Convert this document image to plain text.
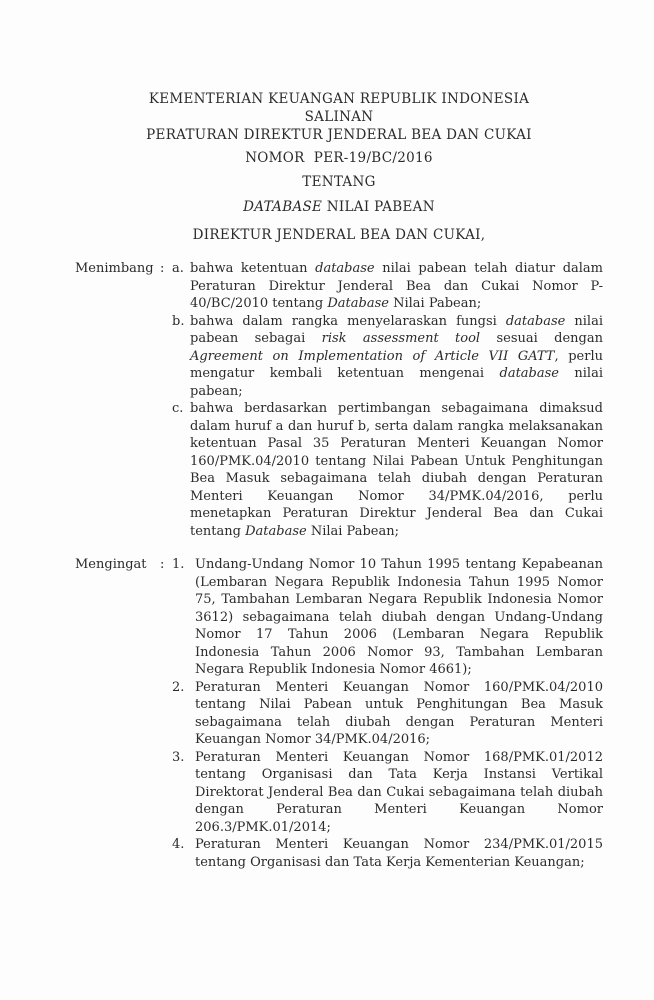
KEMENTERIAN KEUANGAN REPUBLIK INDONESIA
SALINAN
PERATURAN DIREKTUR JENDERAL BEA DAN CUKAI
NOMOR  PER-19/BC/2016
TENTANG
DATABASE NILAI PABEAN
DIREKTUR JENDERAL BEA DAN CUKAI,
Menimbang : a. bahwa ketentuan database nilai pabean telah diatur dalam Peraturan Direktur Jenderal Bea dan Cukai Nomor P-40/BC/2010 tentang Database Nilai Pabean;
b. bahwa dalam rangka menyelaraskan fungsi database nilai pabean sebagai risk assessment tool sesuai dengan Agreement on Implementation of Article VII GATT, perlu mengatur kembali ketentuan mengenai database nilai pabean;
c. bahwa berdasarkan pertimbangan sebagaimana dimaksud dalam huruf a dan huruf b, serta dalam rangka melaksanakan ketentuan Pasal 35 Peraturan Menteri Keuangan Nomor 160/PMK.04/2010 tentang Nilai Pabean Untuk Penghitungan Bea Masuk sebagaimana telah diubah dengan Peraturan Menteri Keuangan Nomor 34/PMK.04/2016, perlu menetapkan Peraturan Direktur Jenderal Bea dan Cukai tentang Database Nilai Pabean;
Mengingat	: 1. Undang-Undang Nomor 10 Tahun 1995 tentang Kepabeanan (Lembaran Negara Republik Indonesia Tahun 1995 Nomor 75, Tambahan Lembaran Negara Republik Indonesia Nomor 3612) sebagaimana telah diubah dengan Undang-Undang Nomor 17 Tahun 2006 (Lembaran Negara Republik Indonesia Tahun 2006 Nomor 93, Tambahan Lembaran Negara Republik Indonesia Nomor 4661);
2. Peraturan Menteri Keuangan Nomor 160/PMK.04/2010 tentang Nilai Pabean untuk Penghitungan Bea Masuk sebagaimana telah diubah dengan Peraturan Menteri Keuangan Nomor 34/PMK.04/2016;
3. Peraturan Menteri Keuangan Nomor 168/PMK.01/2012 tentang Organisasi dan Tata Kerja Instansi Vertikal Direktorat Jenderal Bea dan Cukai sebagaimana telah diubah dengan Peraturan Menteri Keuangan Nomor 206.3/PMK.01/2014;
4. Peraturan Menteri Keuangan Nomor 234/PMK.01/2015 tentang Organisasi dan Tata Kerja Kementerian Keuangan;
